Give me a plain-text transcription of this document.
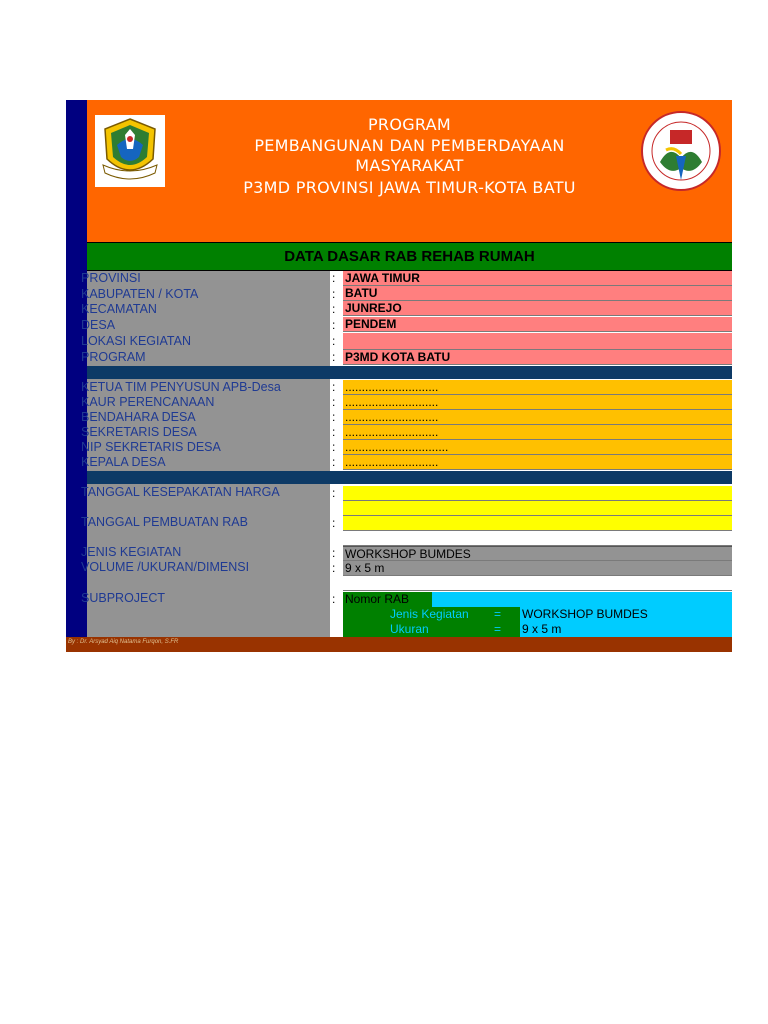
PROGRAM
PEMBANGUNAN DAN PEMBERDAYAAN
MASYARAKAT
P3MD PROVINSI JAWA TIMUR-KOTA BATU
DATA DASAR RAB REHAB RUMAH
PROVINSI	: JAWA TIMUR
KABUPATEN / KOTA	: BATU
KECAMATAN	: JUNREJO
DESA	: PENDEM
LOKASI KEGIATAN	:
PROGRAM	: P3MD KOTA BATU
KETUA TIM PENYUSUN APB-Desa	: ............................
KAUR PERENCANAAN	: ............................
BENDAHARA DESA	: ............................
SEKRETARIS DESA	: ............................
NIP SEKRETARIS DESA	: ...............................
KEPALA DESA	: ............................
TANGGAL KESEPAKATAN HARGA	:
TANGGAL PEMBUATAN RAB	:
JENIS KEGIATAN	: WORKSHOP BUMDES
VOLUME /UKURAN/DIMENSI	: 9 x 5 m
SUBPROJECT	: Nomor RAB
Jenis Kegiatan	=	WORKSHOP BUMDES
Ukuran	=	9 x 5 m
By : Dr. Arsyad Aiq Natama Furqon, S.FR
